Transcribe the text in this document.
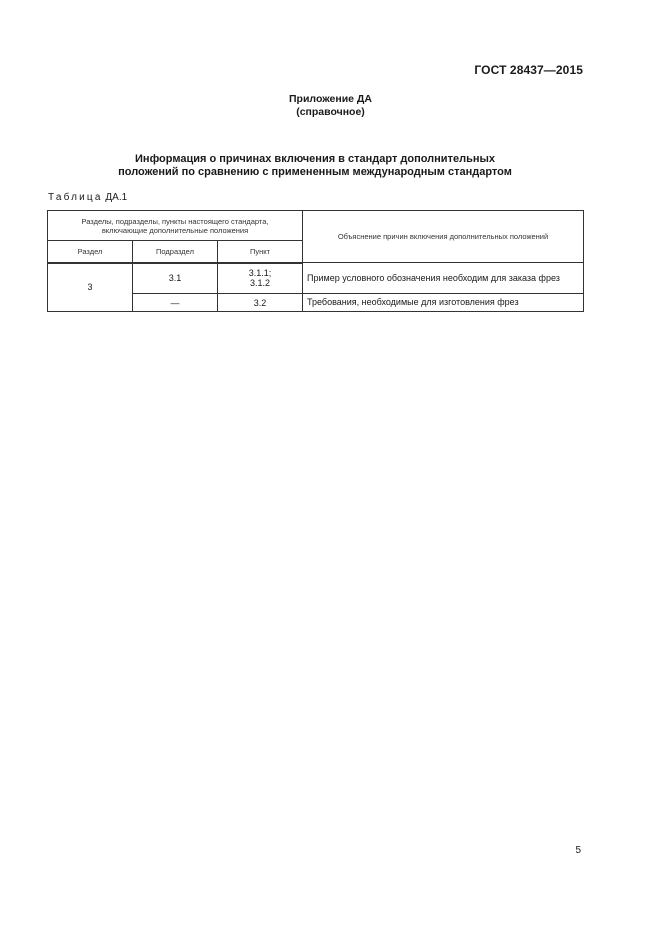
ГОСТ 28437—2015
Приложение ДА
(справочное)
Информация о причинах включения в стандарт дополнительных
положений по сравнению с примененным международным стандартом
Таблица ДА.1
Разделы, подразделы, пункты настоящего стандарта,
включающие дополнительные положения			Объяснение причин включения дополнительных положений
Раздел	Подраздел	Пункт	
3	3.1	3.1.1;
3.1.2	Пример условного обозначения необходим для заказа фрез
	—	3.2	Требования, необходимые для изготовления фрез
5
